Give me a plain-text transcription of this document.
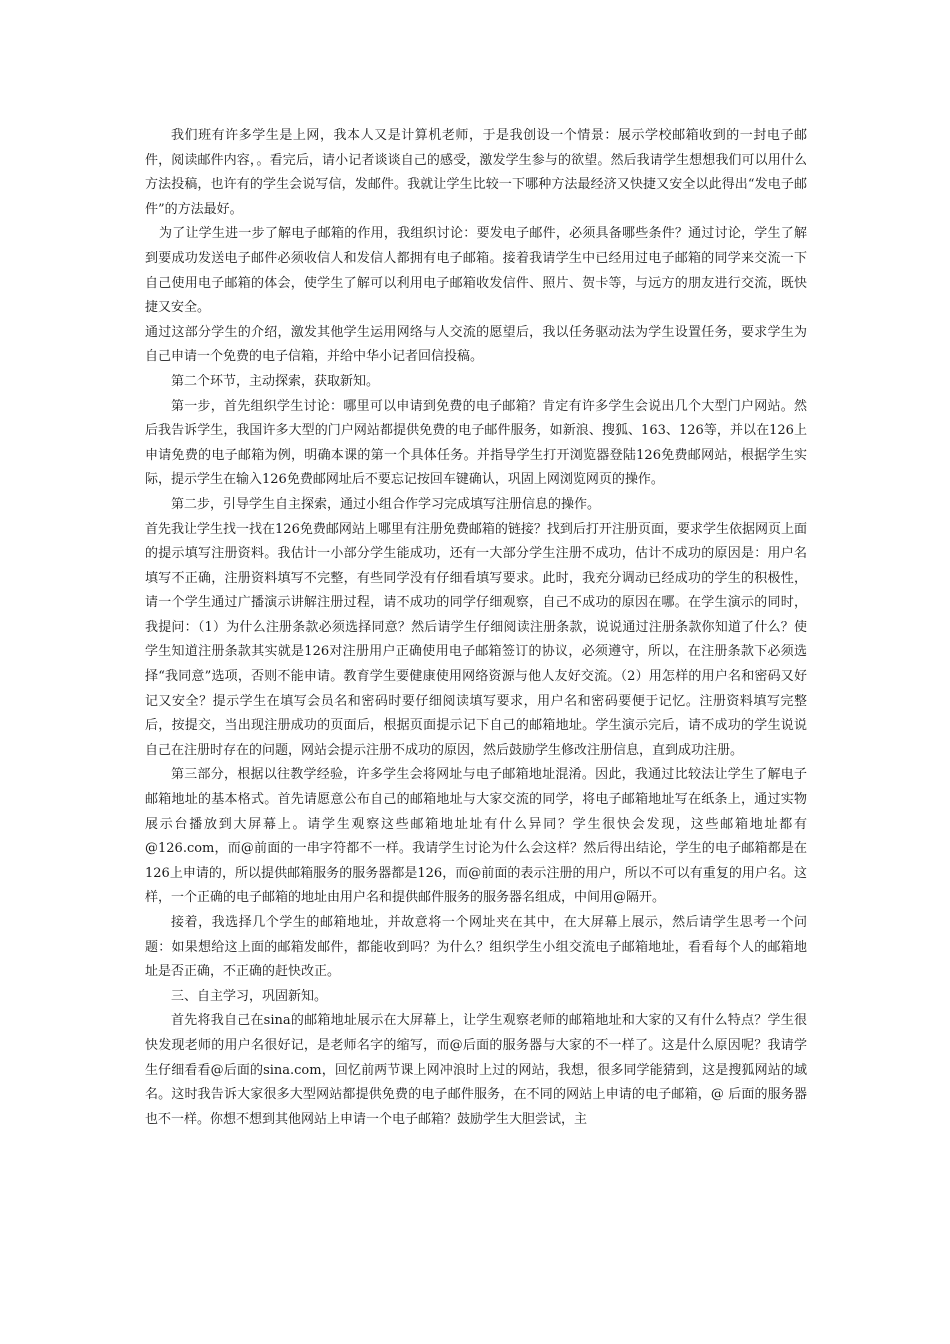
我们班有许多学生是上网，我本人又是计算机老师，于是我创设一个情景：展示学校邮箱收到的一封电子邮件，阅读邮件内容，。看完后，请小记者谈谈自己的感受，激发学生参与的欲望。然后我请学生想想我们可以用什么方法投稿，也许有的学生会说写信，发邮件。我就让学生比较一下哪种方法最经济又快捷又安全以此得出“发电子邮件”的方法最好。

为了让学生进一步了解电子邮箱的作用，我组织讨论：要发电子邮件，必须具备哪些条件？通过讨论，学生了解到要成功发送电子邮件必须收信人和发信人都拥有电子邮箱。接着我请学生中已经用过电子邮箱的同学来交流一下自己使用电子邮箱的体会，使学生了解可以利用电子邮箱收发信件、照片、贺卡等，与远方的朋友进行交流，既快捷又安全。

通过这部分学生的介绍，激发其他学生运用网络与人交流的愿望后，我以任务驱动法为学生设置任务，要求学生为自己申请一个免费的电子信箱，并给中华小记者回信投稿。

第二个环节，主动探索，获取新知。

第一步，首先组织学生讨论：哪里可以申请到免费的电子邮箱？肯定有许多学生会说出几个大型门户网站。然后我告诉学生，我国许多大型的门户网站都提供免费的电子邮件服务，如新浪、搜狐、163、126等，并以在126上申请免费的电子邮箱为例，明确本课的第一个具体任务。并指导学生打开浏览器登陆126免费邮网站，根据学生实际，提示学生在输入126免费邮网址后不要忘记按回车键确认，巩固上网浏览网页的操作。

第二步，引导学生自主探索，通过小组合作学习完成填写注册信息的操作。

首先我让学生找一找在126免费邮网站上哪里有注册免费邮箱的链接？找到后打开注册页面，要求学生依据网页上面的提示填写注册资料。我估计一小部分学生能成功，还有一大部分学生注册不成功，估计不成功的原因是：用户名填写不正确，注册资料填写不完整，有些同学没有仔细看填写要求。此时，我充分调动已经成功的学生的积极性，请一个学生通过广播演示讲解注册过程，请不成功的同学仔细观察，自己不成功的原因在哪。在学生演示的同时，我提问：（1）为什么注册条款必须选择同意？然后请学生仔细阅读注册条款，说说通过注册条款你知道了什么？使学生知道注册条款其实就是126对注册用户正确使用电子邮箱签订的协议，必须遵守，所以，在注册条款下必须选择“我同意”选项，否则不能申请。教育学生要健康使用网络资源与他人友好交流。（2）用怎样的用户名和密码又好记又安全？提示学生在填写会员名和密码时要仔细阅读填写要求，用户名和密码要便于记忆。注册资料填写完整后，按提交，当出现注册成功的页面后，根据页面提示记下自己的邮箱地址。学生演示完后，请不成功的学生说说自己在注册时存在的问题，网站会提示注册不成功的原因，然后鼓励学生修改注册信息，直到成功注册。

第三部分，根据以往教学经验，许多学生会将网址与电子邮箱地址混淆。因此，我通过比较法让学生了解电子邮箱地址的基本格式。首先请愿意公布自己的邮箱地址与大家交流的同学，将电子邮箱地址写在纸条上，通过实物展示台播放到大屏幕上。请学生观察这些邮箱地址址有什么异同？学生很快会发现，这些邮箱地址都有@126.com，而@前面的一串字符都不一样。我请学生讨论为什么会这样？然后得出结论，学生的电子邮箱都是在126上申请的，所以提供邮箱服务的服务器都是126，而@前面的表示注册的用户，所以不可以有重复的用户名。这样，一个正确的电子邮箱的地址由用户名和提供邮件服务的服务器名组成，中间用@隔开。

接着，我选择几个学生的邮箱地址，并故意将一个网址夹在其中，在大屏幕上展示，然后请学生思考一个问题：如果想给这上面的邮箱发邮件，都能收到吗？为什么？组织学生小组交流电子邮箱地址，看看每个人的邮箱地址是否正确，不正确的赶快改正。

三、自主学习，巩固新知。

首先将我自己在sina的邮箱地址展示在大屏幕上，让学生观察老师的邮箱地址和大家的又有什么特点？学生很快发现老师的用户名很好记，是老师名字的缩写，而@后面的服务器与大家的不一样了。这是什么原因呢？我请学生仔细看看@后面的sina.com，回忆前两节课上网冲浪时上过的网站，我想，很多同学能猜到，这是搜狐网站的域名。这时我告诉大家很多大型网站都提供免费的电子邮件服务，在不同的网站上申请的电子邮箱，@ 后面的服务器也不一样。你想不想到其他网站上申请一个电子邮箱？鼓励学生大胆尝试，主
